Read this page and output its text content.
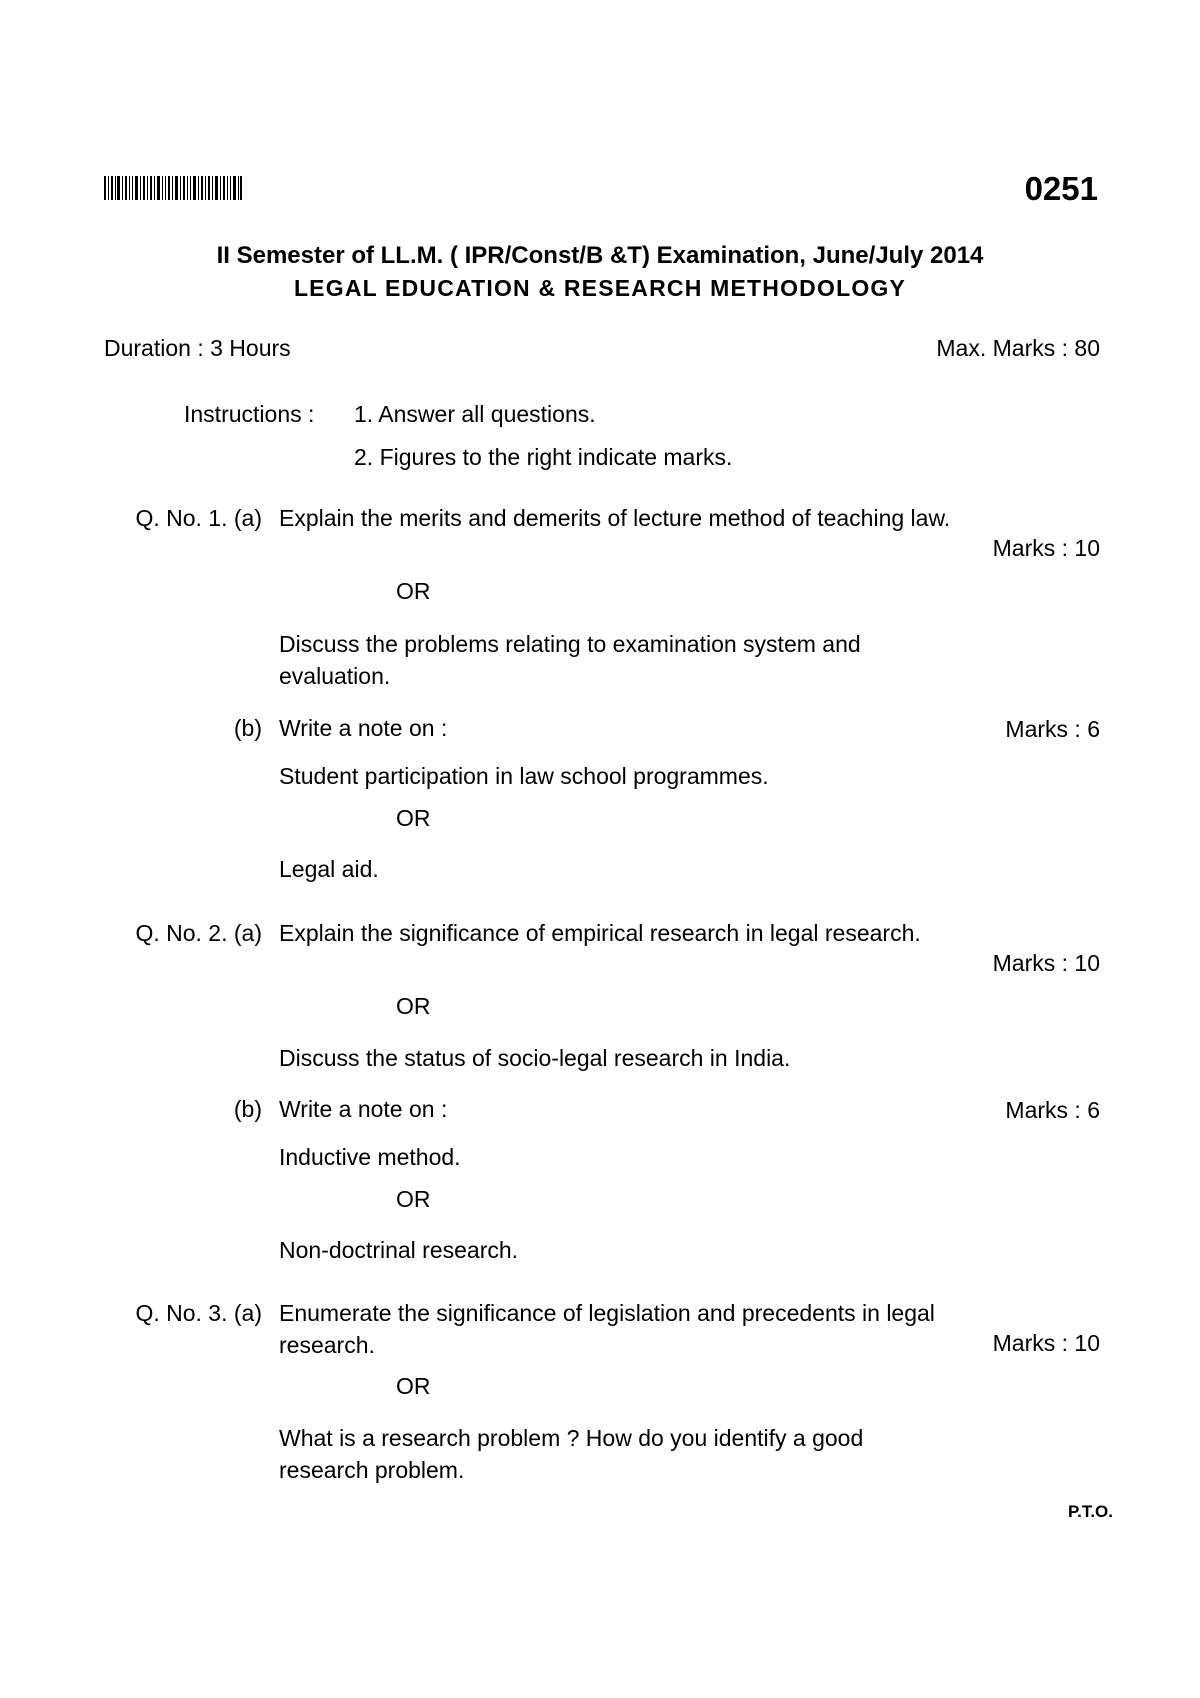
0251
II Semester of LL.M. ( IPR/Const/B &T) Examination, June/July 2014
LEGAL EDUCATION & RESEARCH METHODOLOGY
Duration : 3 Hours	Max. Marks : 80
Instructions : 1. Answer all questions.
2. Figures to the right indicate marks.
Q. No. 1. (a) Explain the merits and demerits of lecture method of teaching law.
Marks : 10
OR
Discuss the problems relating to examination system and evaluation.
(b) Write a note on :	Marks : 6
Student participation in law school programmes.
OR
Legal aid.
Q. No. 2. (a) Explain the significance of empirical research in legal research.
Marks : 10
OR
Discuss the status of socio-legal research in India.
(b) Write a note on :	Marks : 6
Inductive method.
OR
Non-doctrinal research.
Q. No. 3. (a) Enumerate the significance of legislation and precedents in legal research.	Marks : 10
OR
What is a research problem ? How do you identify a good research problem.
P.T.O.
